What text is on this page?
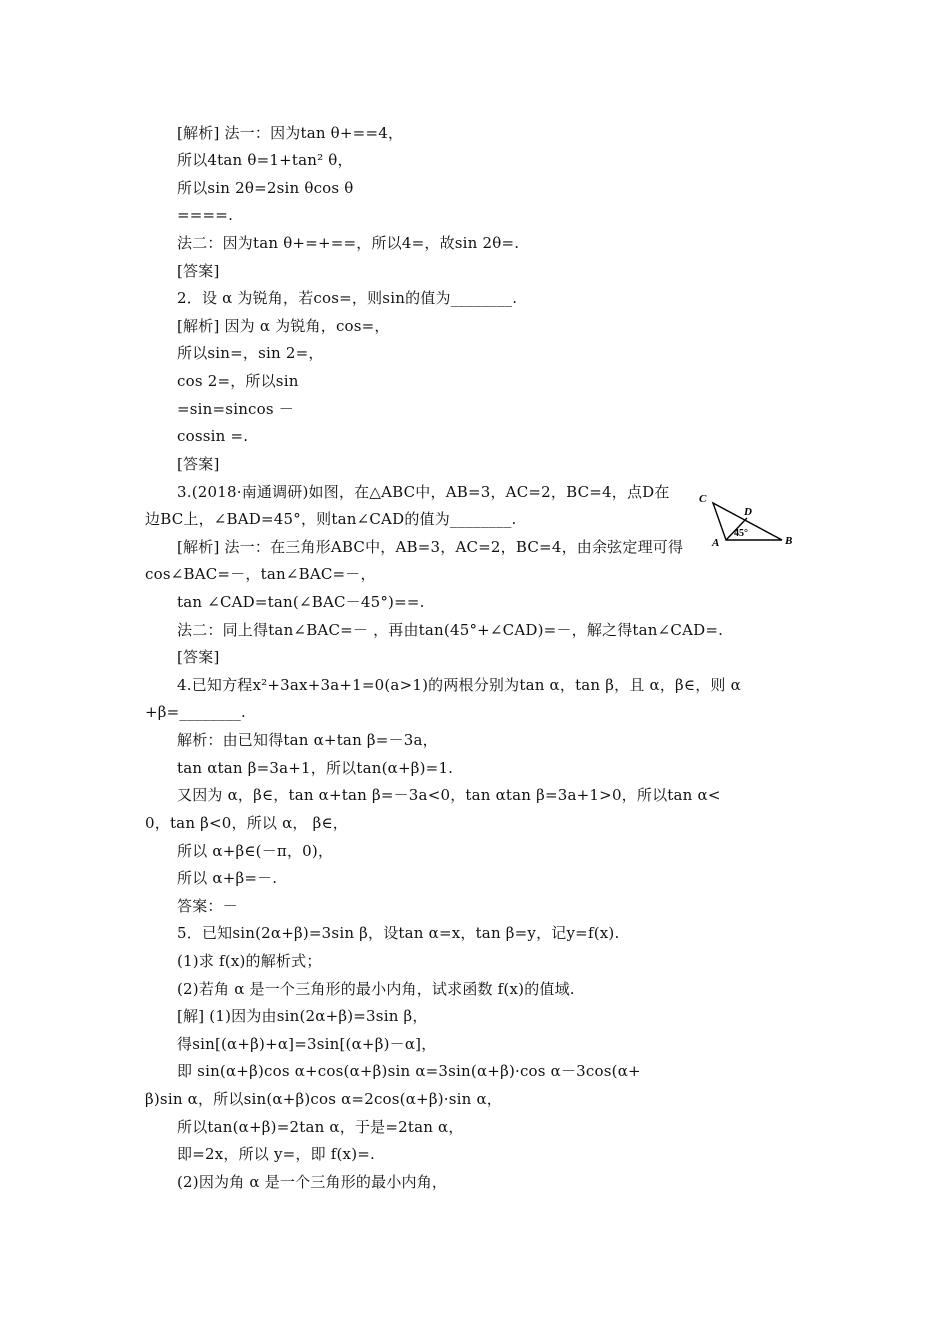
[解析] 法一：因为tan θ+==4，
所以4tan θ=1+tan² θ，
所以sin 2θ=2sin θcos θ
====.
法二：因为tan θ+=+==，所以4=，故sin 2θ=.
[答案]
2．设 α 为锐角，若cos=，则sin的值为________.
[解析] 因为 α 为锐角，cos=，
所以sin=，sin 2=，
cos 2=，所以sin
=sin=sincos －
cossin =.
[答案]
3.(2018·南通调研)如图，在△ABC中，AB=3，AC=2，BC=4，点D在
边BC上，∠BAD=45°，则tan∠CAD的值为________.
[解析] 法一：在三角形ABC中，AB=3，AC=2，BC=4，由余弦定理可得
cos∠BAC=－，tan∠BAC=－，
tan ∠CAD=tan(∠BAC－45°)==.
法二：同上得tan∠BAC=－ ，再由tan(45°+∠CAD)=－，解之得tan∠CAD=.
[答案]
4.已知方程x²+3ax+3a+1=0(a>1)的两根分别为tan α，tan β，且 α，β∈，则 α
+β=________.
解析：由已知得tan α+tan β=－3a，
tan αtan β=3a+1，所以tan(α+β)=1.
又因为 α，β∈，tan α+tan β=－3a<0，tan αtan β=3a+1>0，所以tan α<
0，tan β<0，所以 α， β∈，
所以 α+β∈(－π，0)，
所以 α+β=－.
答案：－
5．已知sin(2α+β)=3sin β，设tan α=x，tan β=y，记y=f(x).
(1)求 f(x)的解析式；
(2)若角 α 是一个三角形的最小内角，试求函数 f(x)的值域.
[解] (1)因为由sin(2α+β)=3sin β，
得sin[(α+β)+α]=3sin[(α+β)－α]，
即 sin(α+β)cos α+cos(α+β)sin α=3sin(α+β)·cos α－3cos(α+
β)sin α，所以sin(α+β)cos α=2cos(α+β)·sin α，
所以tan(α+β)=2tan α，于是=2tan α，
即=2x，所以 y=，即 f(x)=.
(2)因为角 α 是一个三角形的最小内角，
C
D
A	B
45°
